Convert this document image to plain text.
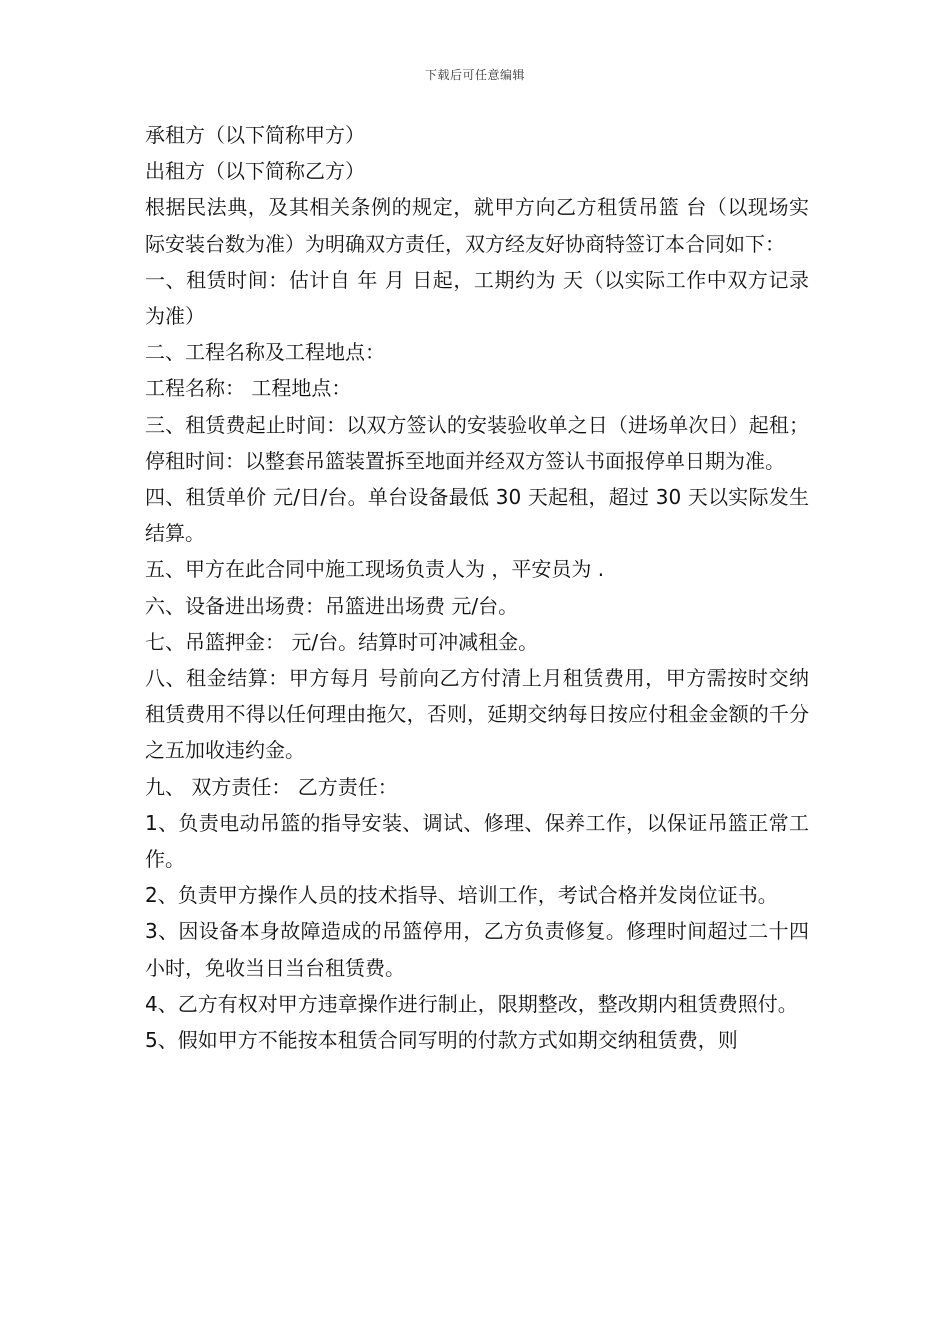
下载后可任意编辑

承租方（以下简称甲方）

出租方（以下简称乙方）

根据民法典，及其相关条例的规定，就甲方向乙方租赁吊篮 台（以现场实际安装台数为准）为明确双方责任，双方经友好协商特签订本合同如下：

一、租赁时间：估计自 年 月 日起，工期约为 天（以实际工作中双方记录为准）

二、工程名称及工程地点：

工程名称： 工程地点：

三、租赁费起止时间：以双方签认的安装验收单之日（进场单次日）起租；停租时间：以整套吊篮装置拆至地面并经双方签认书面报停单日期为准。

四、租赁单价 元/日/台。单台设备最低 30 天起租，超过 30 天以实际发生结算。

五、甲方在此合同中施工现场负责人为 ，平安员为 .

六、设备进出场费：吊篮进出场费 元/台。

七、吊篮押金： 元/台。结算时可冲减租金。

八、租金结算：甲方每月 号前向乙方付清上月租赁费用，甲方需按时交纳租赁费用不得以任何理由拖欠，否则，延期交纳每日按应付租金金额的千分之五加收违约金。

九、 双方责任： 乙方责任：

1、负责电动吊篮的指导安装、调试、修理、保养工作，以保证吊篮正常工作。

2、负责甲方操作人员的技术指导、培训工作，考试合格并发岗位证书。

3、因设备本身故障造成的吊篮停用，乙方负责修复。修理时间超过二十四小时，免收当日当台租赁费。

4、乙方有权对甲方违章操作进行制止，限期整改，整改期内租赁费照付。

5、假如甲方不能按本租赁合同写明的付款方式如期交纳租赁费，则
